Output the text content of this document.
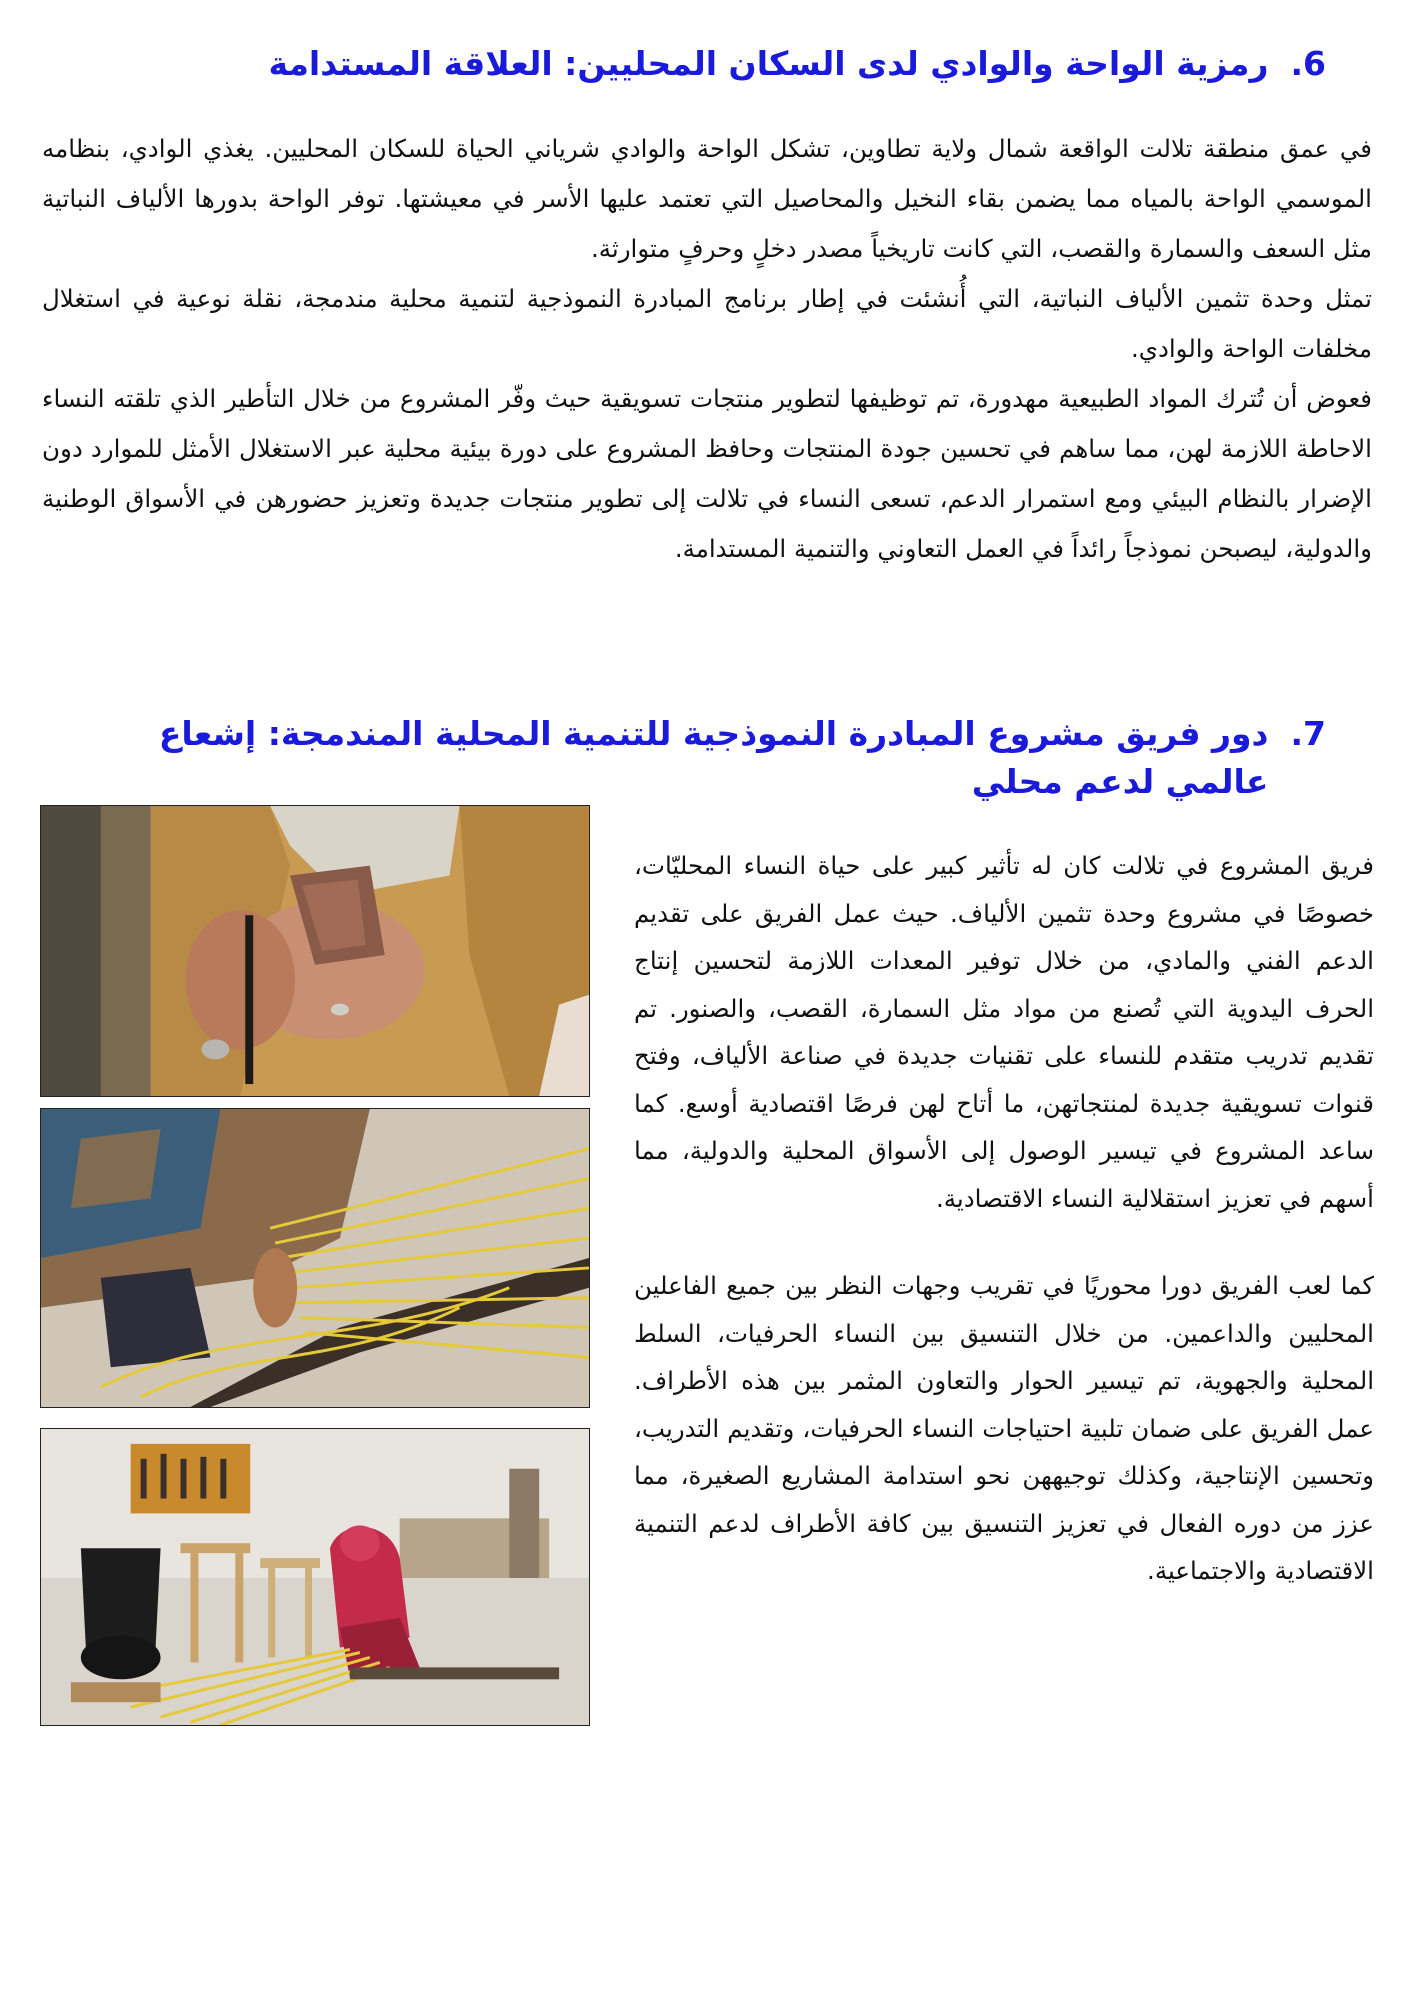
6.
رمزية الواحة والوادي لدى السكان المحليين: العلاقة المستدامة

في عمق منطقة تلالت الواقعة شمال ولاية تطاوين، تشكل الواحة والوادي شرياني الحياة للسكان المحليين. يغذي الوادي، بنظامه الموسمي الواحة بالمياه مما يضمن بقاء النخيل والمحاصيل التي تعتمد عليها الأسر في معيشتها. توفر الواحة بدورها الألياف النباتية مثل السعف والسمارة والقصب، التي كانت تاريخياً مصدر دخلٍ وحرفٍ متوارثة.

تمثل وحدة تثمين الألياف النباتية، التي أُنشئت في إطار برنامج المبادرة النموذجية لتنمية محلية مندمجة، نقلة نوعية في استغلال مخلفات الواحة والوادي.

فعوض أن تُترك المواد الطبيعية مهدورة، تم توظيفها لتطوير منتجات تسويقية حيث وفّر المشروع من خلال التأطير الذي تلقته النساء الاحاطة اللازمة لهن، مما ساهم في تحسين جودة المنتجات وحافظ المشروع على دورة بيئية محلية عبر الاستغلال الأمثل للموارد دون الإضرار بالنظام البيئي ومع استمرار الدعم، تسعى النساء في تلالت إلى تطوير منتجات جديدة وتعزيز حضورهن في الأسواق الوطنية والدولية، ليصبحن نموذجاً رائداً في العمل التعاوني والتنمية المستدامة.

7.
دور فريق مشروع المبادرة النموذجية للتنمية المحلية المندمجة: إشعاع عالمي لدعم محلي

فريق المشروع في تلالت كان له تأثير كبير على حياة النساء المحليّات، خصوصًا في مشروع وحدة تثمين الألياف. حيث عمل الفريق على تقديم الدعم الفني والمادي، من خلال توفير المعدات اللازمة لتحسين إنتاج الحرف اليدوية التي تُصنع من مواد مثل السمارة، القصب، والصنور. تم تقديم تدريب متقدم للنساء على تقنيات جديدة في صناعة الألياف، وفتح قنوات تسويقية جديدة لمنتجاتهن، ما أتاح لهن فرصًا اقتصادية أوسع. كما ساعد المشروع في تيسير الوصول إلى الأسواق المحلية والدولية، مما أسهم في تعزيز استقلالية النساء الاقتصادية.

كما لعب الفريق دورا محوريًا في تقريب وجهات النظر بين جميع الفاعلين المحليين والداعمين. من خلال التنسيق بين النساء الحرفيات، السلط المحلية والجهوية، تم تيسير الحوار والتعاون المثمر بين هذه الأطراف. عمل الفريق على ضمان تلبية احتياجات النساء الحرفيات، وتقديم التدريب، وتحسين الإنتاجية، وكذلك توجيههن نحو استدامة المشاريع الصغيرة، مما عزز من دوره الفعال في تعزيز التنسيق بين كافة الأطراف لدعم التنمية الاقتصادية والاجتماعية.
